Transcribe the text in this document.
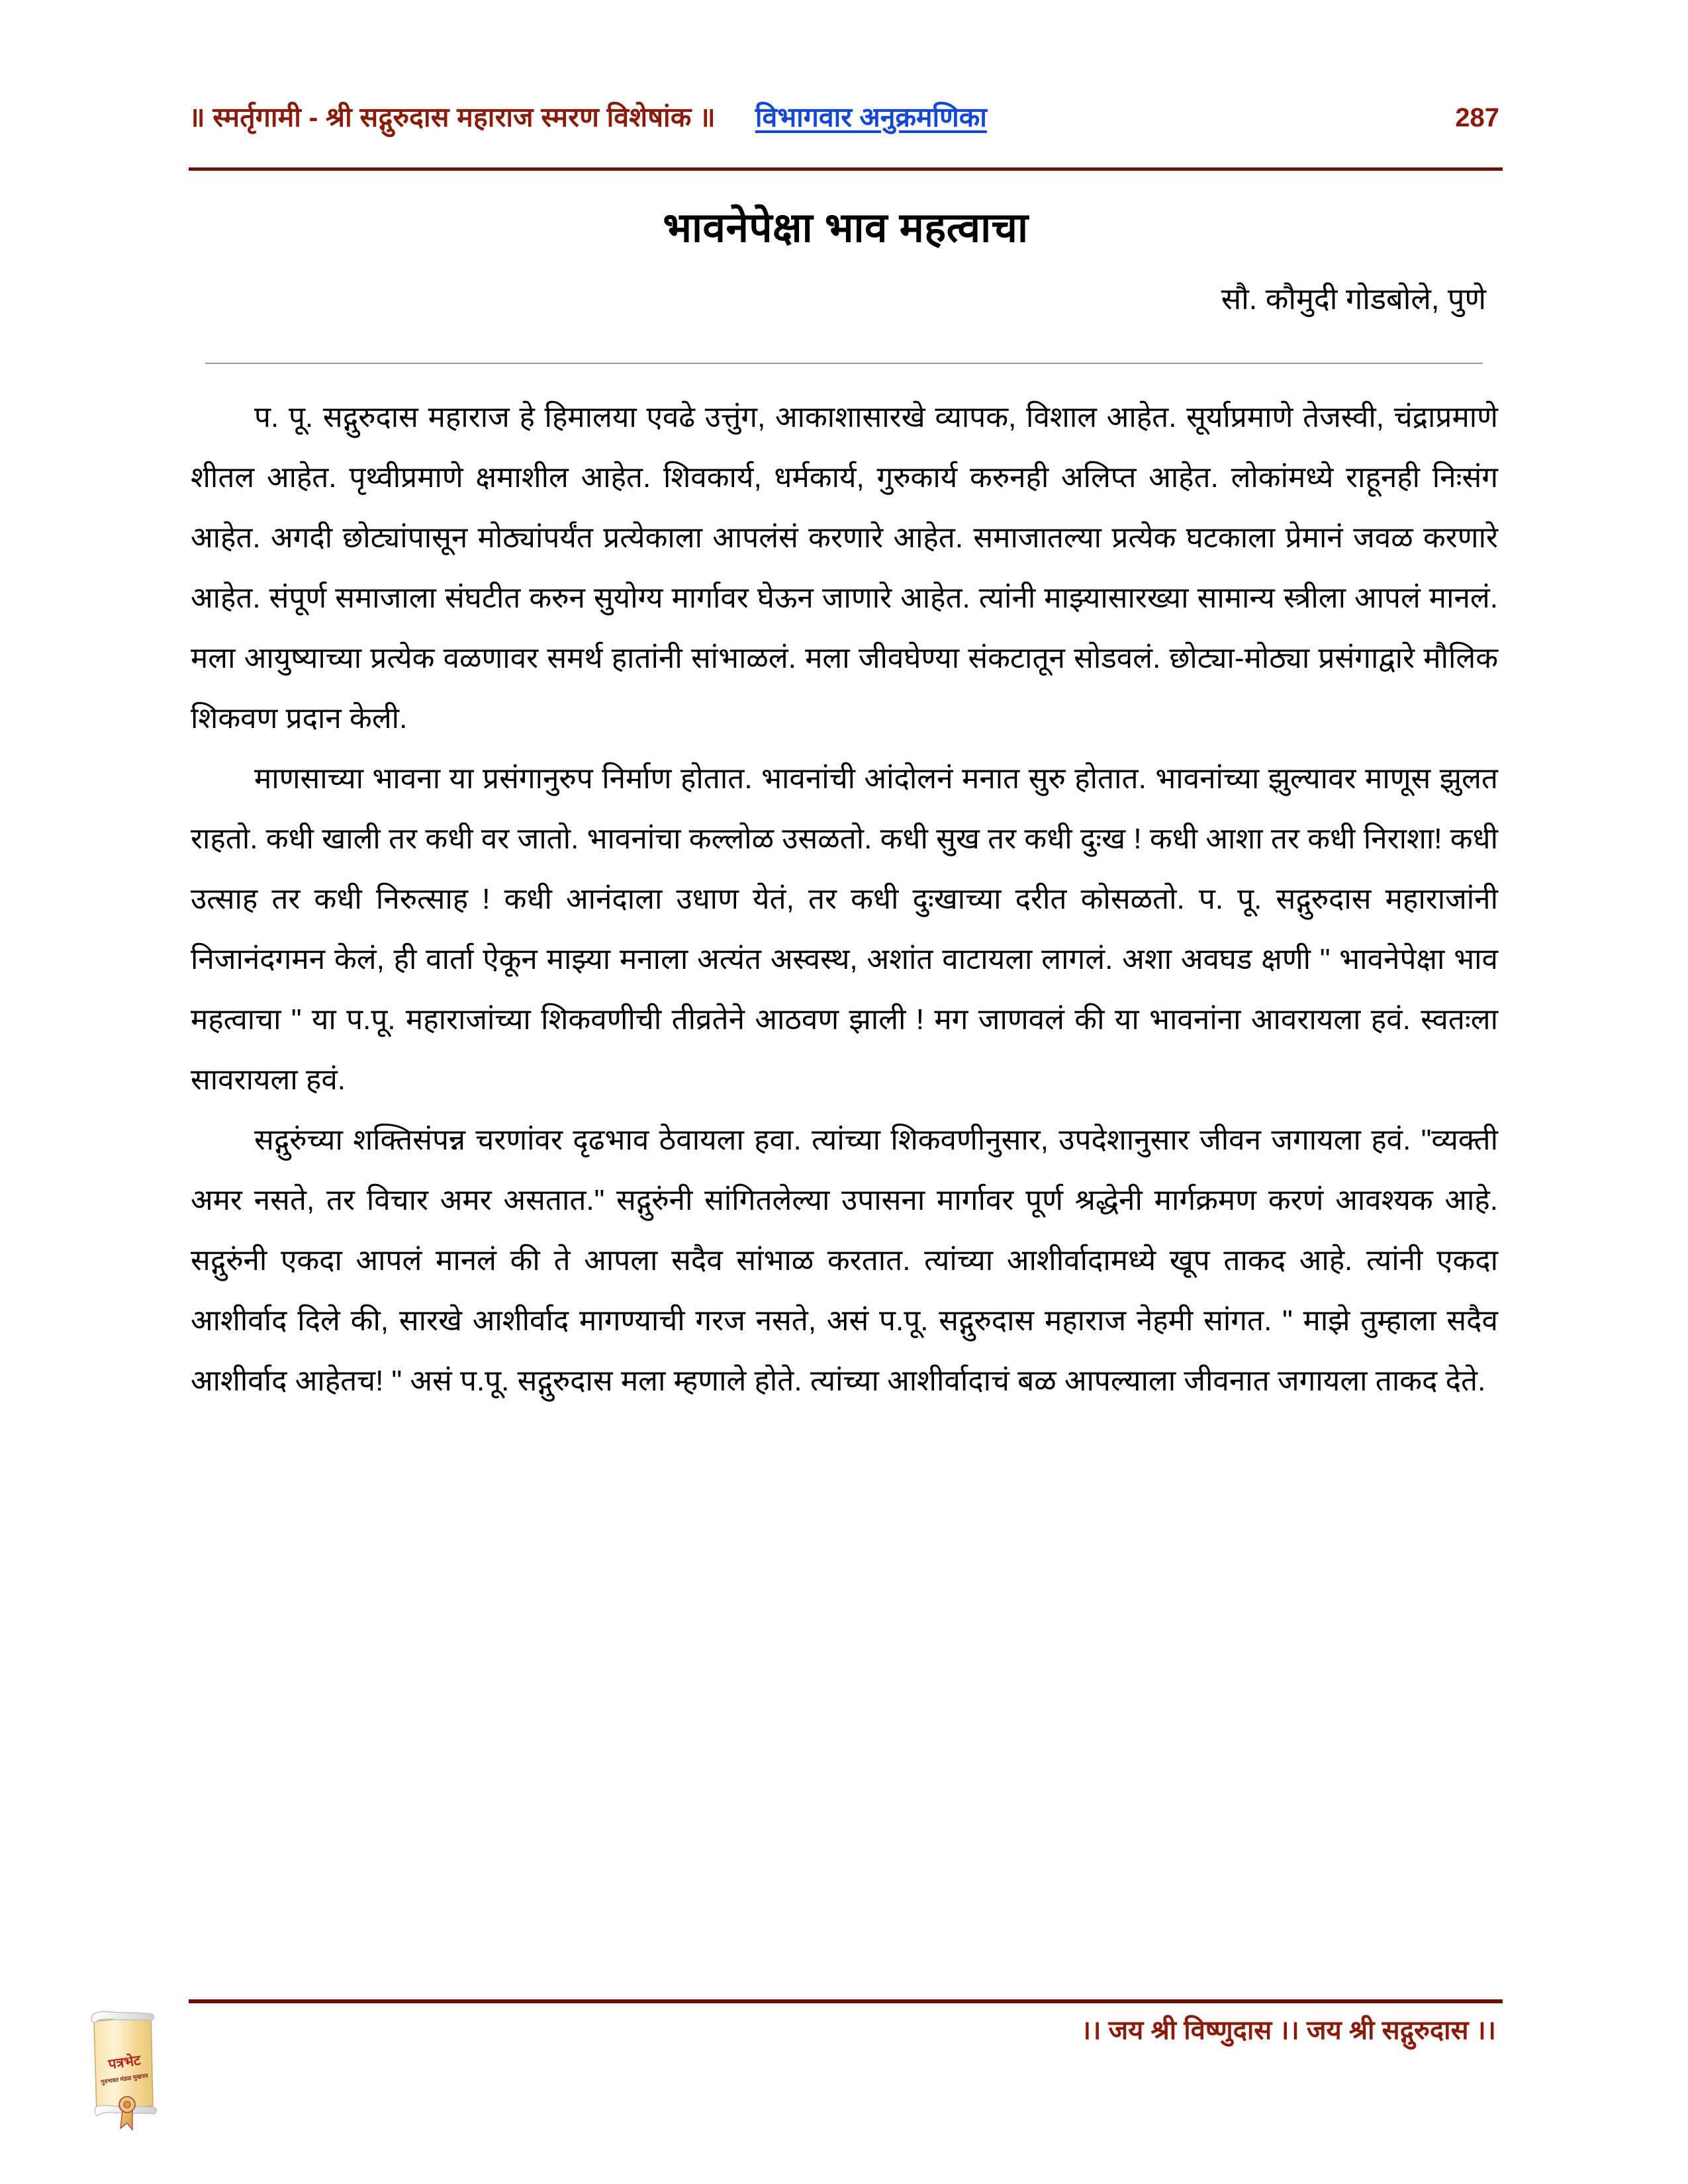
॥ स्मर्तृगामी - श्री सद्गुरुदास महाराज स्मरण विशेषांक ॥ विभागवार अनुक्रमणिका	287
भावनेपेक्षा भाव महत्वाचा
सौ. कौमुदी गोडबोले, पुणे

प. पू. सद्गुरुदास महाराज हे हिमालया एवढे उत्तुंग, आकाशासारखे व्यापक, विशाल आहेत. सूर्याप्रमाणे तेजस्वी, चंद्राप्रमाणे शीतल आहेत. पृथ्वीप्रमाणे क्षमाशील आहेत. शिवकार्य, धर्मकार्य, गुरुकार्य करुनही अलिप्त आहेत. लोकांमध्ये राहूनही निःसंग आहेत. अगदी छोट्यांपासून मोठ्यांपर्यंत प्रत्येकाला आपलंसं करणारे आहेत. समाजातल्या प्रत्येक घटकाला प्रेमानं जवळ करणारे आहेत. संपूर्ण समाजाला संघटीत करुन सुयोग्य मार्गावर घेऊन जाणारे आहेत. त्यांनी माझ्यासारख्या सामान्य स्त्रीला आपलं मानलं. मला आयुष्याच्या प्रत्येक वळणावर समर्थ हातांनी सांभाळलं. मला जीवघेण्या संकटातून सोडवलं. छोट्या-मोठ्या प्रसंगाद्वारे मौलिक शिकवण प्रदान केली.

माणसाच्या भावना या प्रसंगानुरुप निर्माण होतात. भावनांची आंदोलनं मनात सुरु होतात. भावनांच्या झुल्यावर माणूस झुलत राहतो. कधी खाली तर कधी वर जातो. भावनांचा कल्लोळ उसळतो. कधी सुख तर कधी दुःख ! कधी आशा तर कधी निराशा! कधी उत्साह तर कधी निरुत्साह ! कधी आनंदाला उधाण येतं, तर कधी दुःखाच्या दरीत कोसळतो. प. पू. सद्गुरुदास महाराजांनी निजानंदगमन केलं, ही वार्ता ऐकून माझ्या मनाला अत्यंत अस्वस्थ, अशांत वाटायला लागलं. अशा अवघड क्षणी " भावनेपेक्षा भाव महत्वाचा " या प.पू. महाराजांच्या शिकवणीची तीव्रतेने आठवण झाली ! मग जाणवलं की या भावनांना आवरायला हवं. स्वतःला सावरायला हवं.

सद्गुरुंच्या शक्तिसंपन्न चरणांवर दृढभाव ठेवायला हवा. त्यांच्या शिकवणीनुसार, उपदेशानुसार जीवन जगायला हवं. "व्यक्ती अमर नसते, तर विचार अमर असतात." सद्गुरुंनी सांगितलेल्या उपासना मार्गावर पूर्ण श्रद्धेनी मार्गक्रमण करणं आवश्यक आहे. सद्गुरुंनी एकदा आपलं मानलं की ते आपला सदैव सांभाळ करतात. त्यांच्या आशीर्वादामध्ये खूप ताकद आहे. त्यांनी एकदा आशीर्वाद दिले की, सारखे आशीर्वाद मागण्याची गरज नसते, असं प.पू. सद्गुरुदास महाराज नेहमी सांगत. " माझे तुम्हाला सदैव आशीर्वाद आहेतच! " असं प.पू. सद्गुरुदास मला म्हणाले होते. त्यांच्या आशीर्वादाचं बळ आपल्याला जीवनात जगायला ताकद देते.

।। जय श्री विष्णुदास ।। जय श्री सद्गुरुदास ।।
पत्रभेट
गुरुभक्त मंडळ मुखपत्र
